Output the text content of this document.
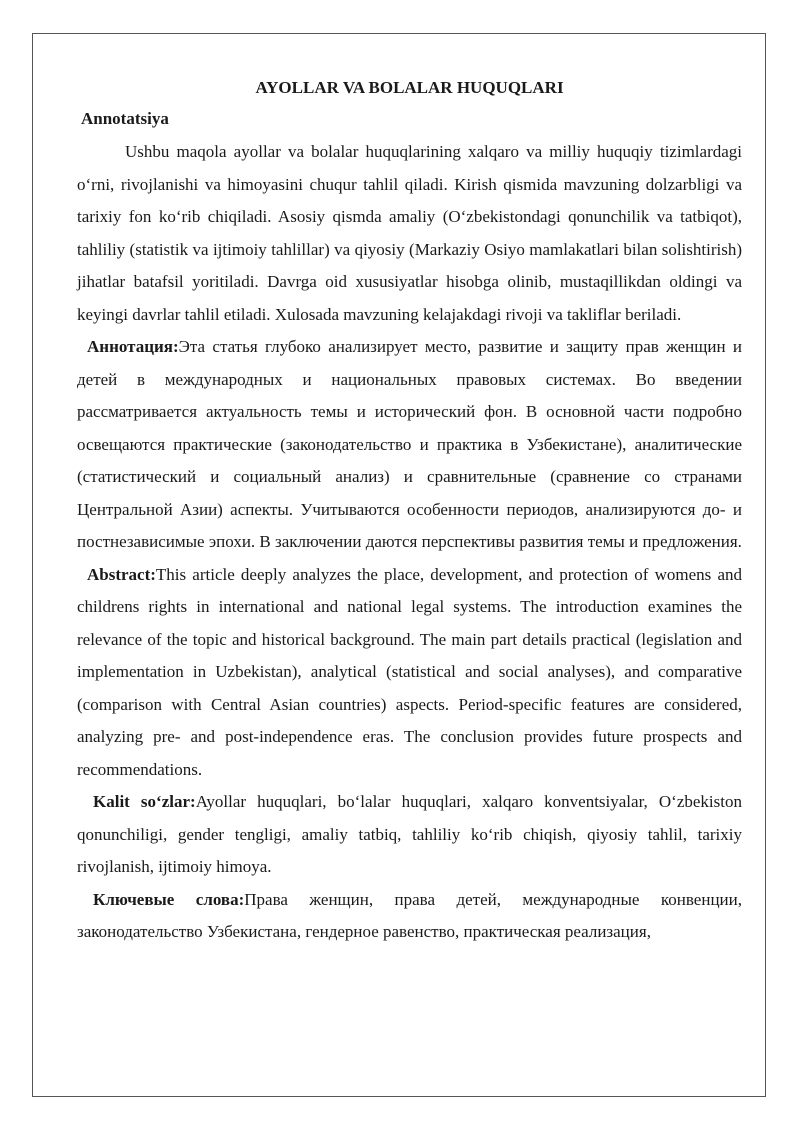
AYOLLAR VA BOLALAR HUQUQLARI
Annotatsiya

Ushbu maqola ayollar va bolalar huquqlarining xalqaro va milliy huquqiy tizimlardagi o‘rni, rivojlanishi va himoyasini chuqur tahlil qiladi. Kirish qismida mavzuning dolzarbligi va tarixiy fon ko‘rib chiqiladi. Asosiy qismda amaliy (O‘zbekistondagi qonunchilik va tatbiqot), tahliliy (statistik va ijtimoiy tahlillar) va qiyosiy (Markaziy Osiyo mamlakatlari bilan solishtirish) jihatlar batafsil yoritiladi. Davrga oid xususiyatlar hisobga olinib, mustaqillikdan oldingi va keyingi davrlar tahlil etiladi. Xulosada mavzuning kelajakdagi rivoji va takliflar beriladi.

Аннотация:Эта статья глубоко анализирует место, развитие и защиту прав женщин и детей в международных и национальных правовых системах. Во введении рассматривается актуальность темы и исторический фон. В основной части подробно освещаются практические (законодательство и практика в Узбекистане), аналитические (статистический и социальный анализ) и сравнительные (сравнение со странами Центральной Азии) аспекты. Учитываются особенности периодов, анализируются до- и постнезависимые эпохи. В заключении даются перспективы развития темы и предложения.

Abstract:This article deeply analyzes the place, development, and protection of womens and childrens rights in international and national legal systems. The introduction examines the relevance of the topic and historical background. The main part details practical (legislation and implementation in Uzbekistan), analytical (statistical and social analyses), and comparative (comparison with Central Asian countries) aspects. Period-specific features are considered, analyzing pre- and post-independence eras. The conclusion provides future prospects and recommendations.

Kalit so‘zlar:Ayollar huquqlari, bo‘lalar huquqlari, xalqaro konventsiyalar, O‘zbekiston qonunchiligi, gender tengligi, amaliy tatbiq, tahliliy ko‘rib chiqish, qiyosiy tahlil, tarixiy rivojlanish, ijtimoiy himoya.

Ключевые слова:Права женщин, права детей, международные конвенции, законодательство Узбекистана, гендерное равенство, практическая реализация,
